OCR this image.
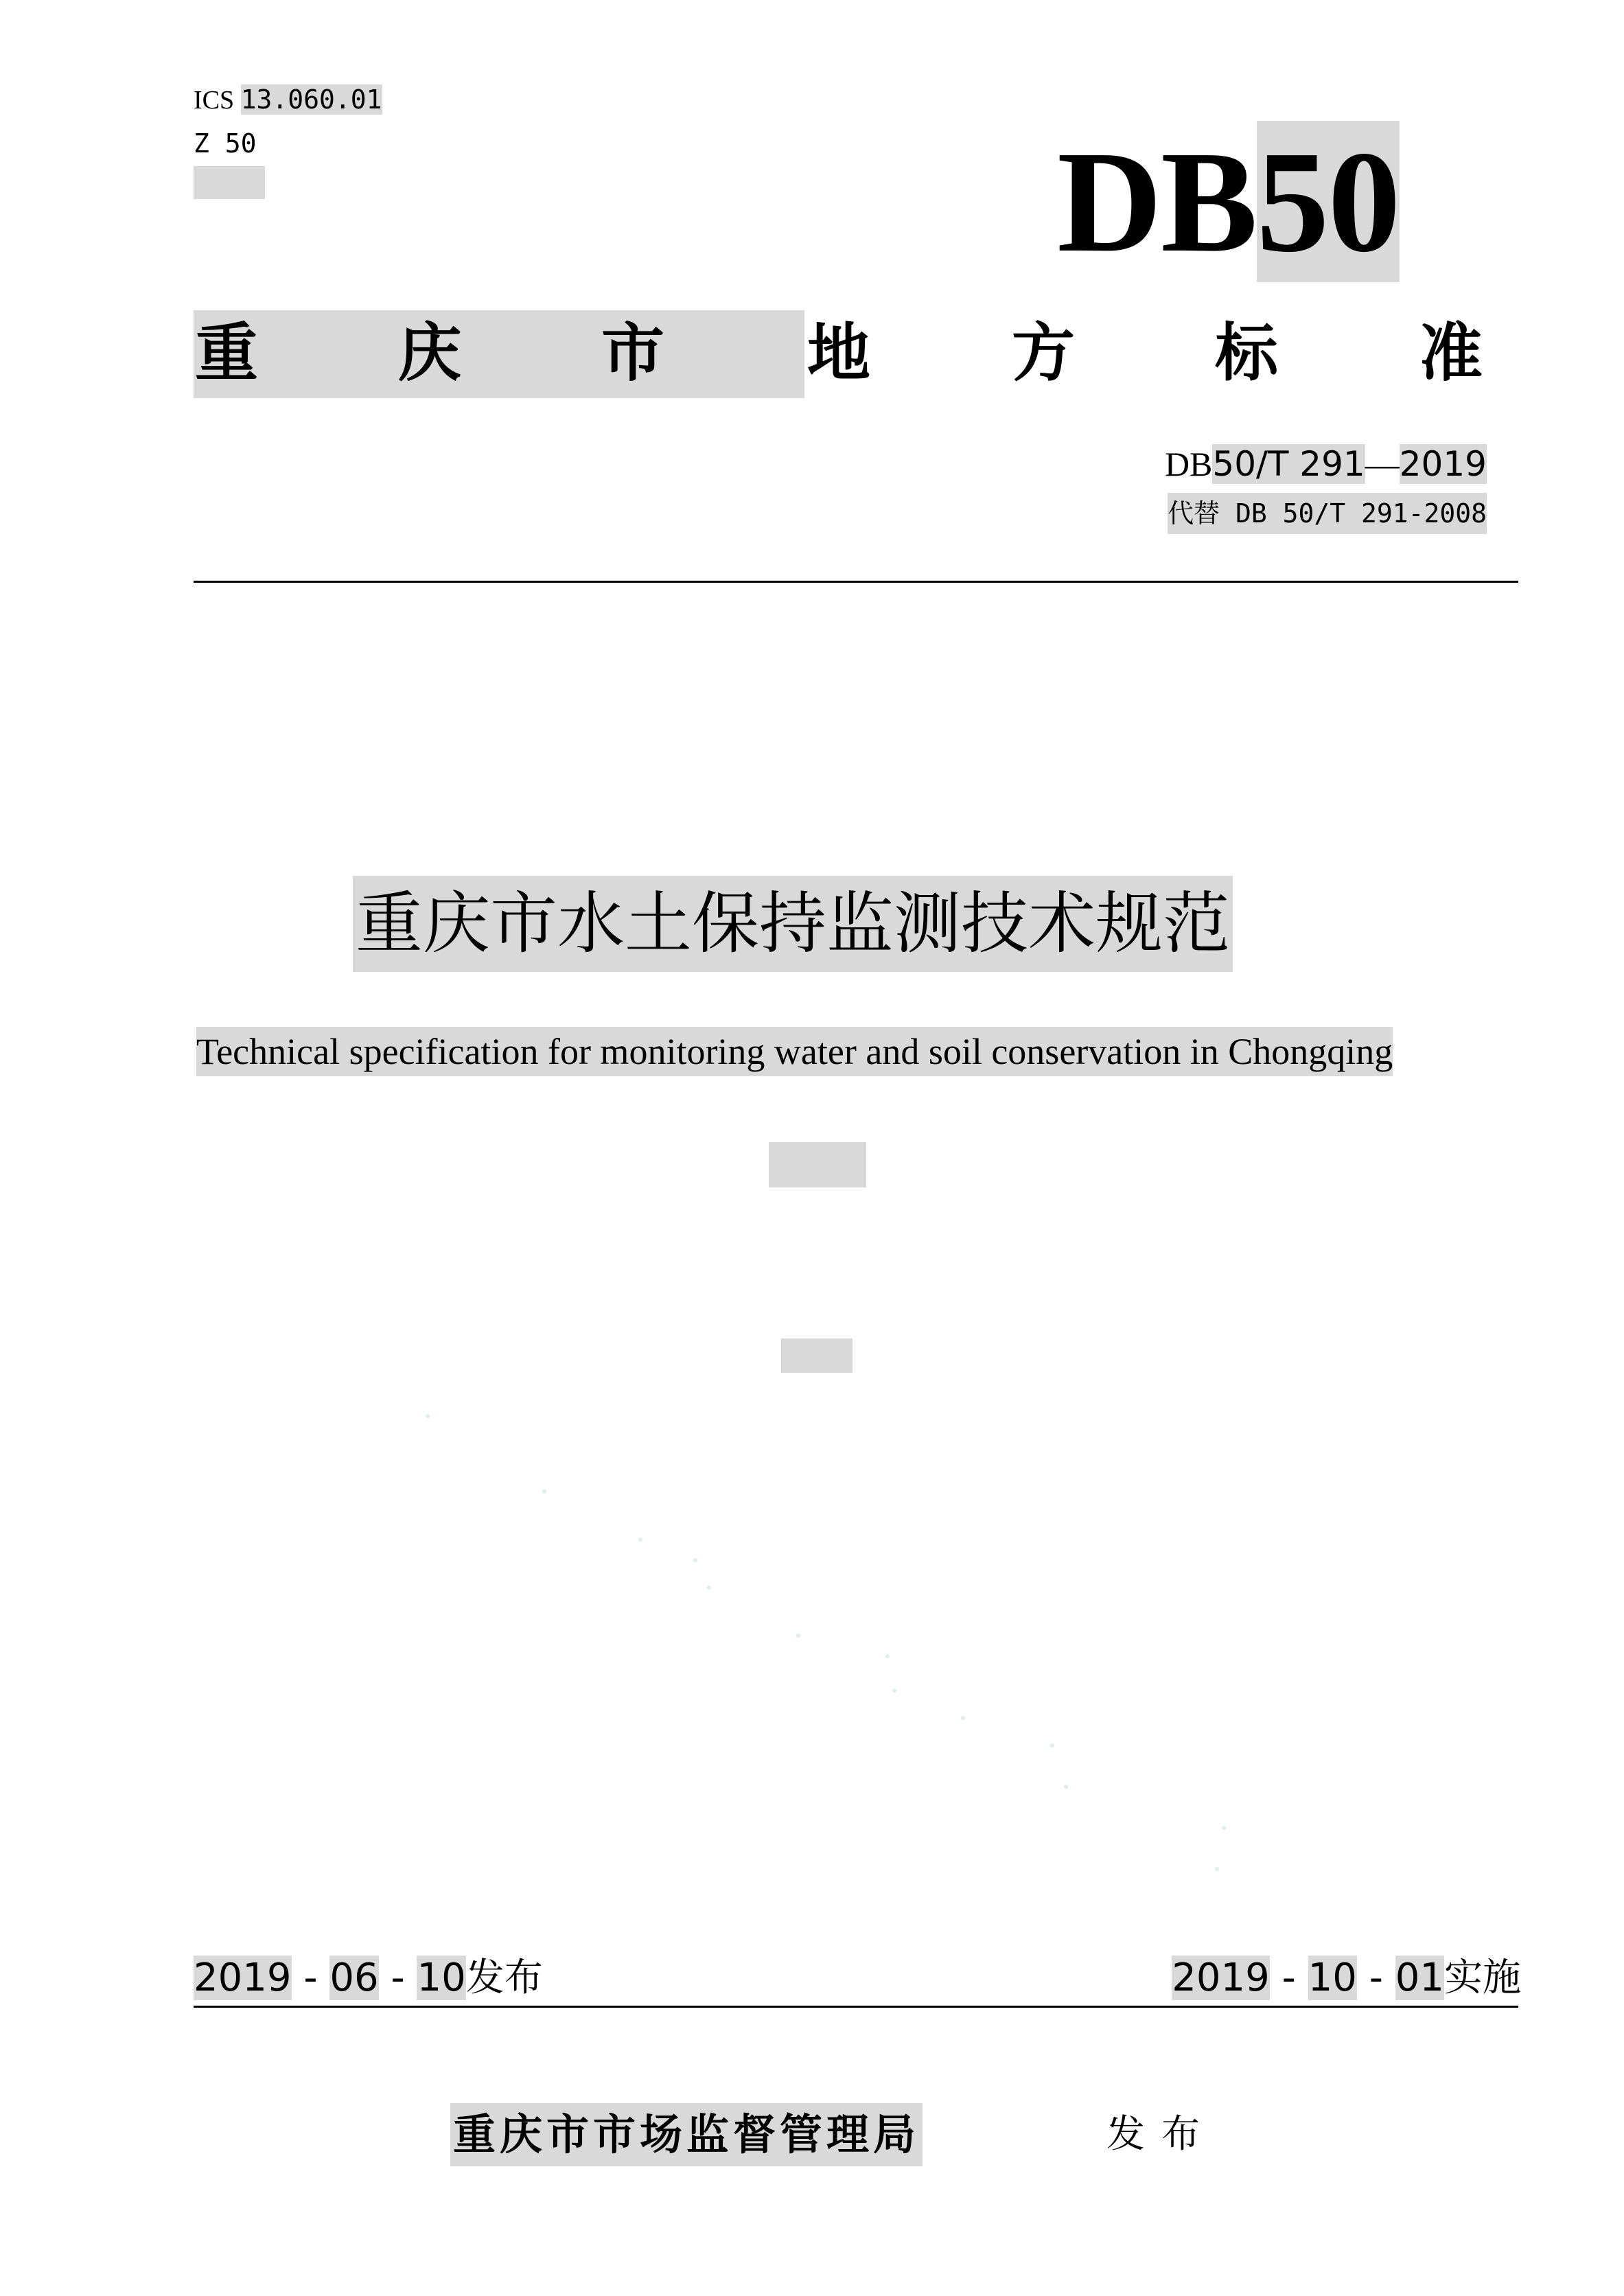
ICS 13.060.01
Z 50	DB50
重 庆 市 地 方 标 准
DB50/T 291—2019
代替 DB 50/T 291-2008
重庆市水土保持监测技术规范
Technical specification for monitoring water and soil conservation in Chongqing
2019 - 06 - 10发布	2019 - 10 - 01实施
重庆市市场监督管理局	发布
